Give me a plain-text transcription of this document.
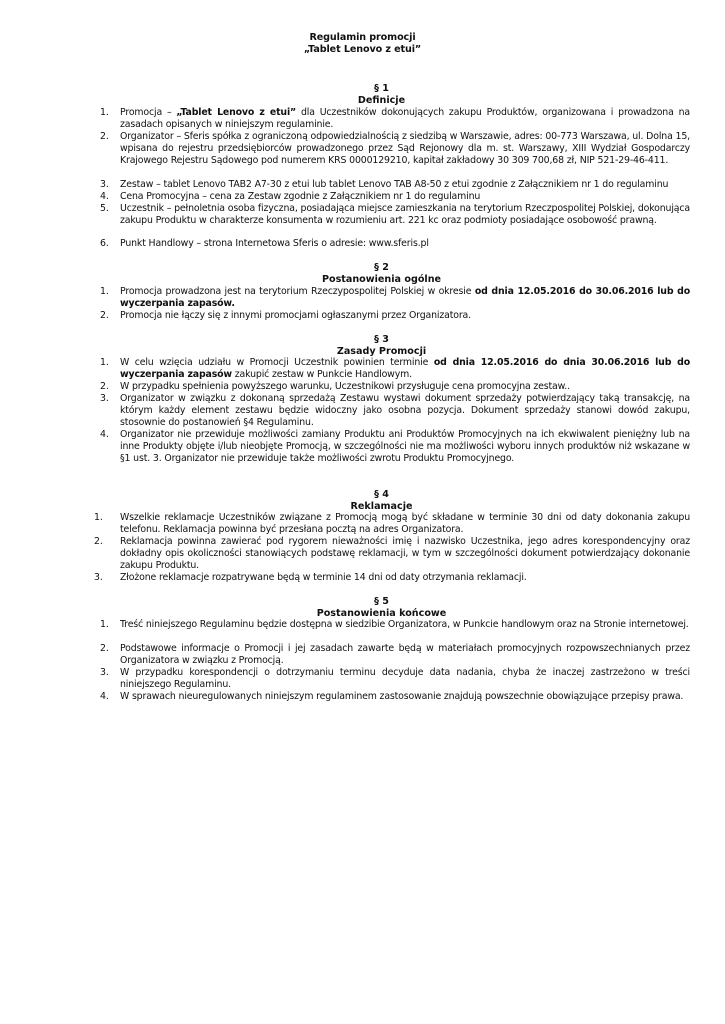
Regulamin promocji
„Tablet Lenovo z etui”
§ 1
Definicje
1. Promocja – „Tablet Lenovo z etui” dla Uczestników dokonujących zakupu Produktów, organizowana i prowadzona na zasadach opisanych w niniejszym regulaminie.
2. Organizator – Sferis spółka z ograniczoną odpowiedzialnością z siedzibą w Warszawie, adres: 00-773 Warszawa, ul. Dolna 15, wpisana do rejestru przedsiębiorców prowadzonego przez Sąd Rejonowy dla m. st. Warszawy, XIII Wydział Gospodarczy Krajowego Rejestru Sądowego pod numerem KRS 0000129210, kapitał zakładowy 30 309 700,68 zł, NIP 521-29-46-411.
3. Zestaw – tablet Lenovo TAB2 A7-30 z etui lub tablet Lenovo TAB A8-50 z etui zgodnie z Załącznikiem nr 1 do regulaminu
4. Cena Promocyjna – cena za Zestaw zgodnie z Załącznikiem nr 1 do regulaminu
5. Uczestnik – pełnoletnia osoba fizyczna, posiadająca miejsce zamieszkania na terytorium Rzeczpospolitej Polskiej, dokonująca zakupu Produktu w charakterze konsumenta w rozumieniu art. 221 kc oraz podmioty posiadające osobowość prawną.
6. Punkt Handlowy – strona Internetowa Sferis o adresie: www.sferis.pl
§ 2
Postanowienia ogólne
1. Promocja prowadzona jest na terytorium Rzeczypospolitej Polskiej w okresie od dnia 12.05.2016 do 30.06.2016 lub do wyczerpania zapasów.
2. Promocja nie łączy się z innymi promocjami ogłaszanymi przez Organizatora.
§ 3
Zasady Promocji
1. W celu wzięcia udziału w Promocji Uczestnik powinien terminie od dnia 12.05.2016 do dnia 30.06.2016 lub do wyczerpania zapasów zakupić zestaw w Punkcie Handlowym.
2. W przypadku spełnienia powyższego warunku, Uczestnikowi przysługuje cena promocyjna zestaw..
3. Organizator w związku z dokonaną sprzedażą Zestawu wystawi dokument sprzedaży potwierdzający taką transakcję, na którym każdy element zestawu będzie widoczny jako osobna pozycja. Dokument sprzedaży stanowi dowód zakupu, stosownie do postanowień §4 Regulaminu.
4. Organizator nie przewiduje możliwości zamiany Produktu ani Produktów Promocyjnych na ich ekwiwalent pieniężny lub na inne Produkty objęte i/lub nieobjęte Promocją, w szczególności nie ma możliwości wyboru innych produktów niż wskazane w §1 ust. 3. Organizator nie przewiduje także możliwości zwrotu Produktu Promocyjnego.
§ 4
Reklamacje
1. Wszelkie reklamacje Uczestników związane z Promocją mogą być składane w terminie 30 dni od daty dokonania zakupu telefonu. Reklamacja powinna być przesłana pocztą na adres Organizatora.
2. Reklamacja powinna zawierać pod rygorem nieważności imię i nazwisko Uczestnika, jego adres korespondencyjny oraz dokładny opis okoliczności stanowiących podstawę reklamacji, w tym w szczególności dokument potwierdzający dokonanie zakupu Produktu.
3. Złożone reklamacje rozpatrywane będą w terminie 14 dni od daty otrzymania reklamacji.
§ 5
Postanowienia końcowe
1. Treść niniejszego Regulaminu będzie dostępna w siedzibie Organizatora, w Punkcie handlowym oraz na Stronie internetowej.
2. Podstawowe informacje o Promocji i jej zasadach zawarte będą w materiałach promocyjnych rozpowszechnianych przez Organizatora w związku z Promocją.
3. W przypadku korespondencji o dotrzymaniu terminu decyduje data nadania, chyba że inaczej zastrzeżono w treści niniejszego Regulaminu.
4. W sprawach nieuregulowanych niniejszym regulaminem zastosowanie znajdują powszechnie obowiązujące przepisy prawa.
